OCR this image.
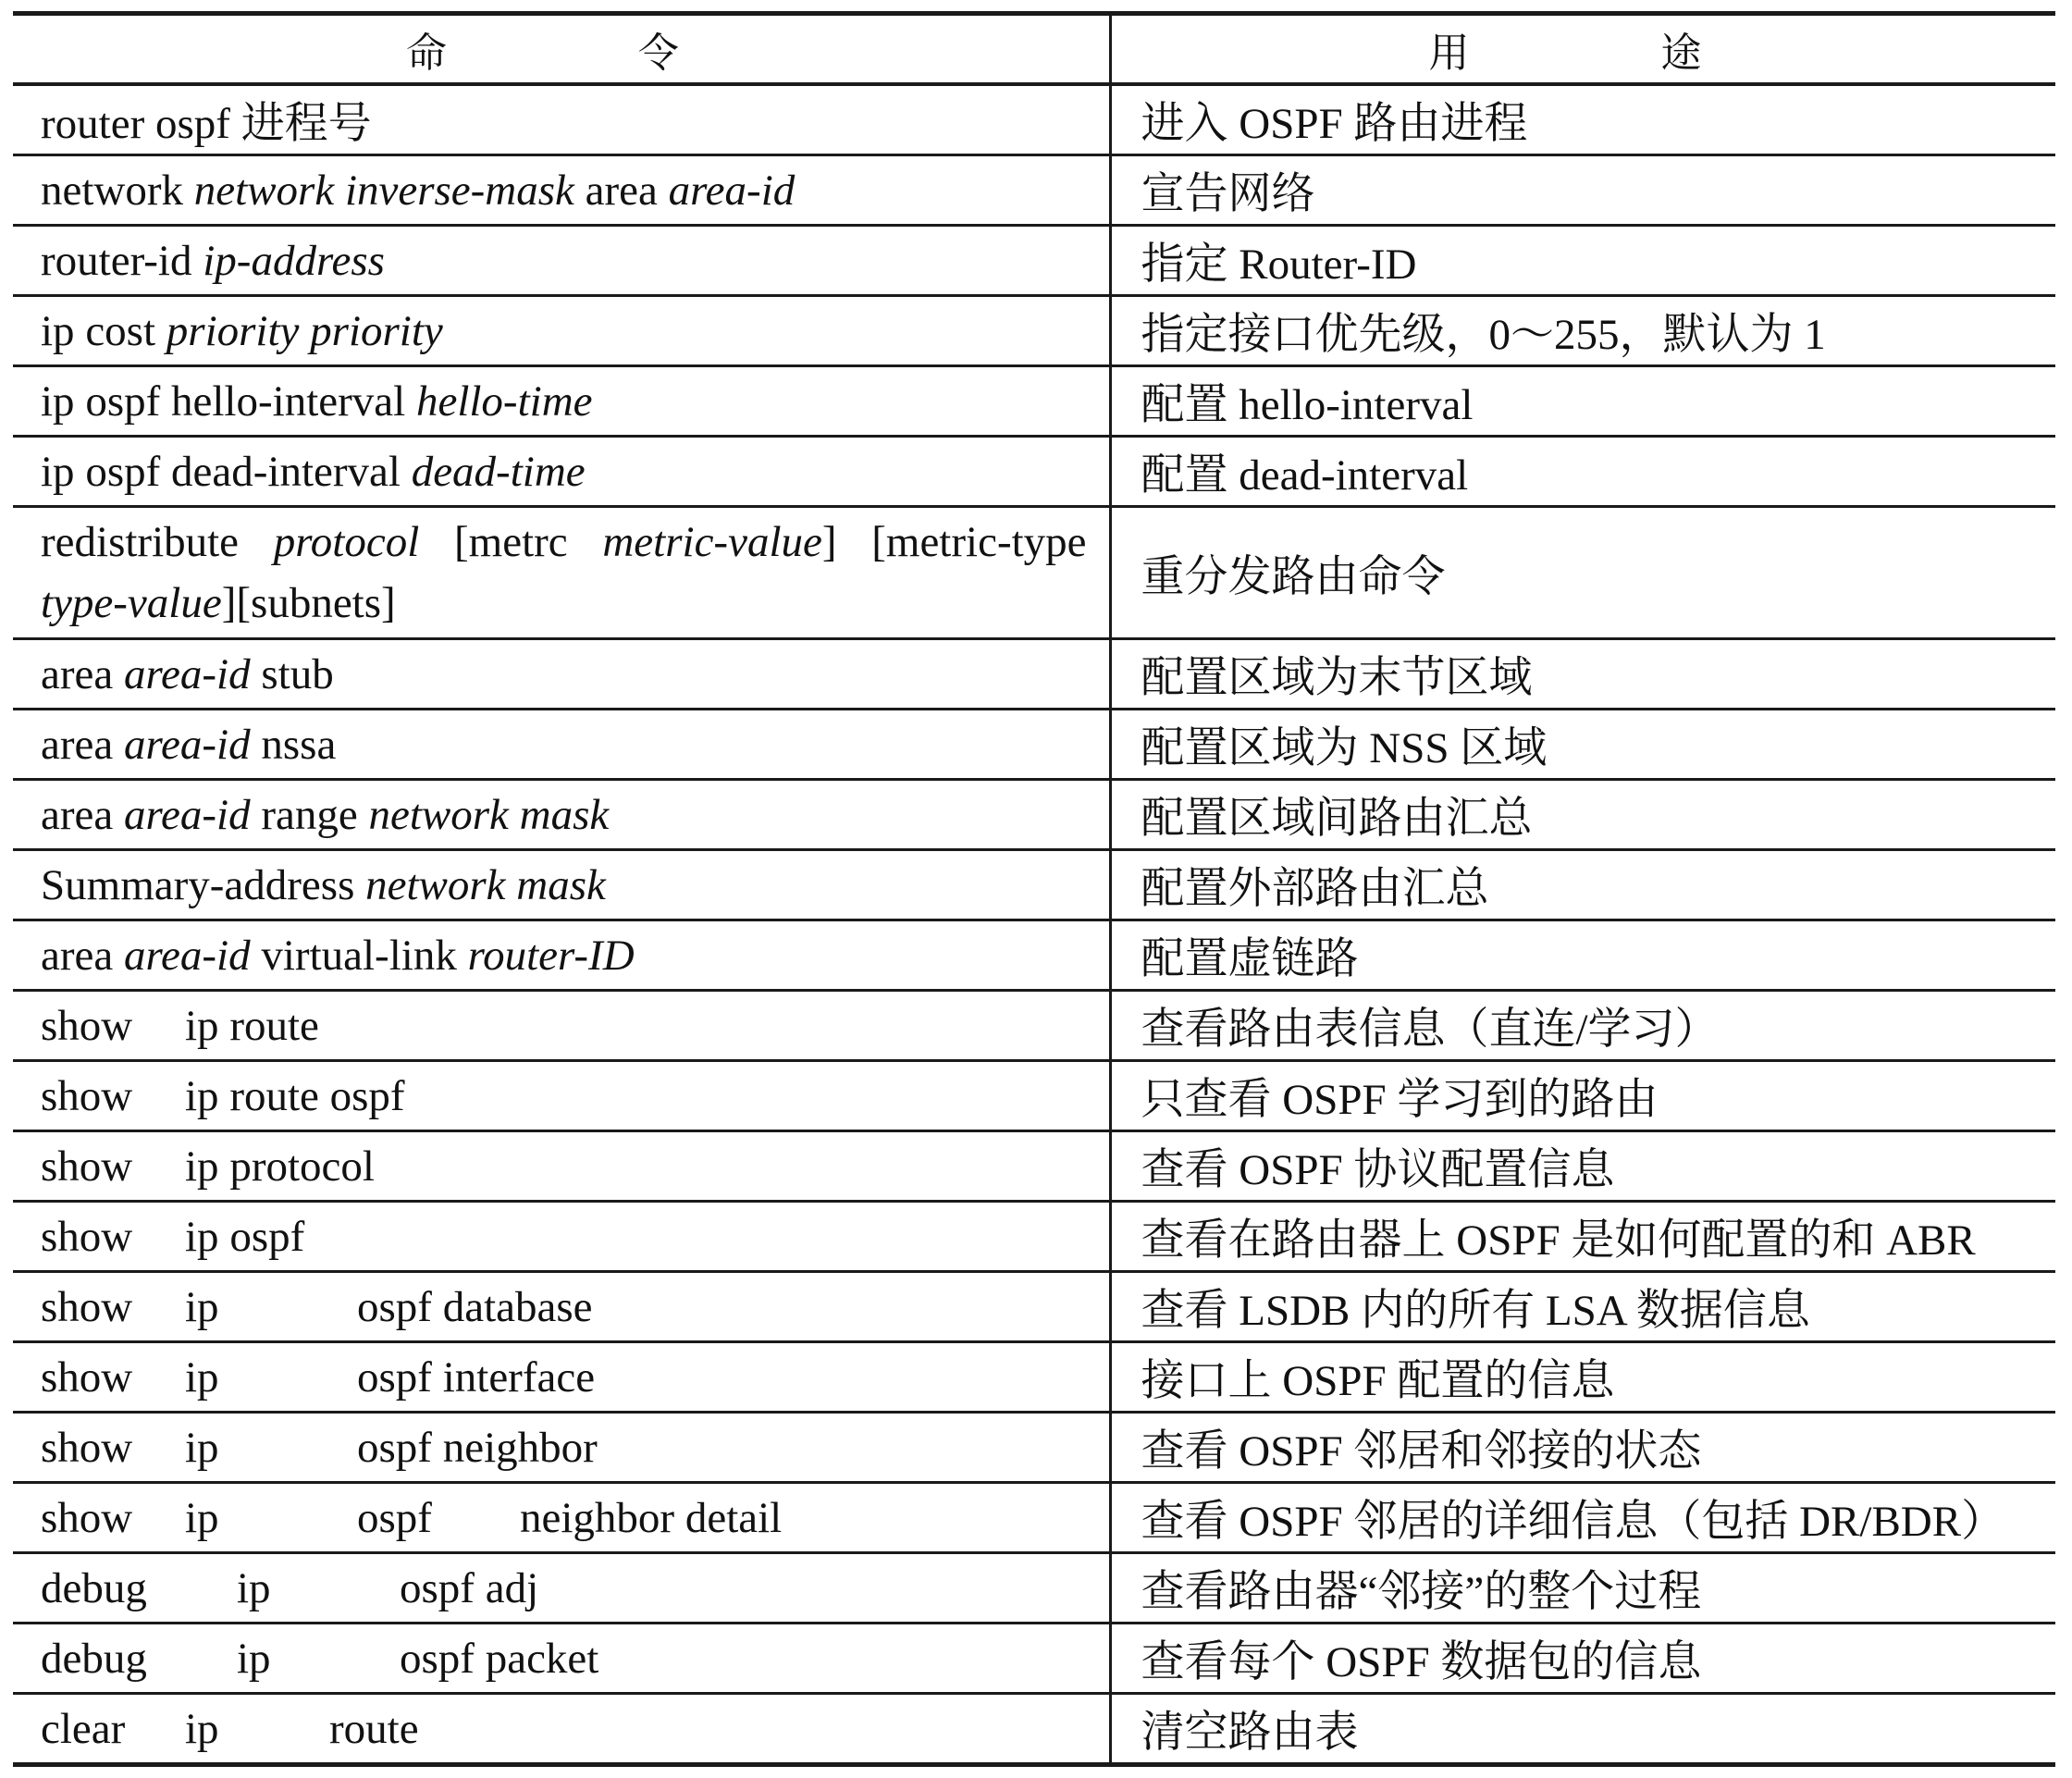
命　　令	用　　途
router ospf 进程号	进入 OSPF 路由进程
network network inverse-mask area area-id	宣告网络
router-id ip-address	指定 Router-ID
ip cost priority priority	指定接口优先级，0～255，默认为 1
ip ospf hello-interval hello-time	配置 hello-interval
ip ospf dead-interval dead-time	配置 dead-interval
redistribute protocol [metrc metric-value] [metric-type type-value][subnets]	重分发路由命令
area area-id stub	配置区域为末节区域
area area-id nssa	配置区域为 NSS 区域
area area-id range network mask	配置区域间路由汇总
Summary-address network mask	配置外部路由汇总
area area-id virtual-link router-ID	配置虚链路
show ip route	查看路由表信息（直连/学习）
show ip route ospf	只查看 OSPF 学习到的路由
show ip protocol	查看 OSPF 协议配置信息
show ip ospf	查看在路由器上 OSPF 是如何配置的和 ABR
show ip ospf database	查看 LSDB 内的所有 LSA 数据信息
show ip ospf interface	接口上 OSPF 配置的信息
show ip ospf neighbor	查看 OSPF 邻居和邻接的状态
show ip ospf neighbor detail	查看 OSPF 邻居的详细信息（包括 DR/BDR）
debug ip ospf adj	查看路由器“邻接”的整个过程
debug ip ospf packet	查看每个 OSPF 数据包的信息
clear ip route	清空路由表
